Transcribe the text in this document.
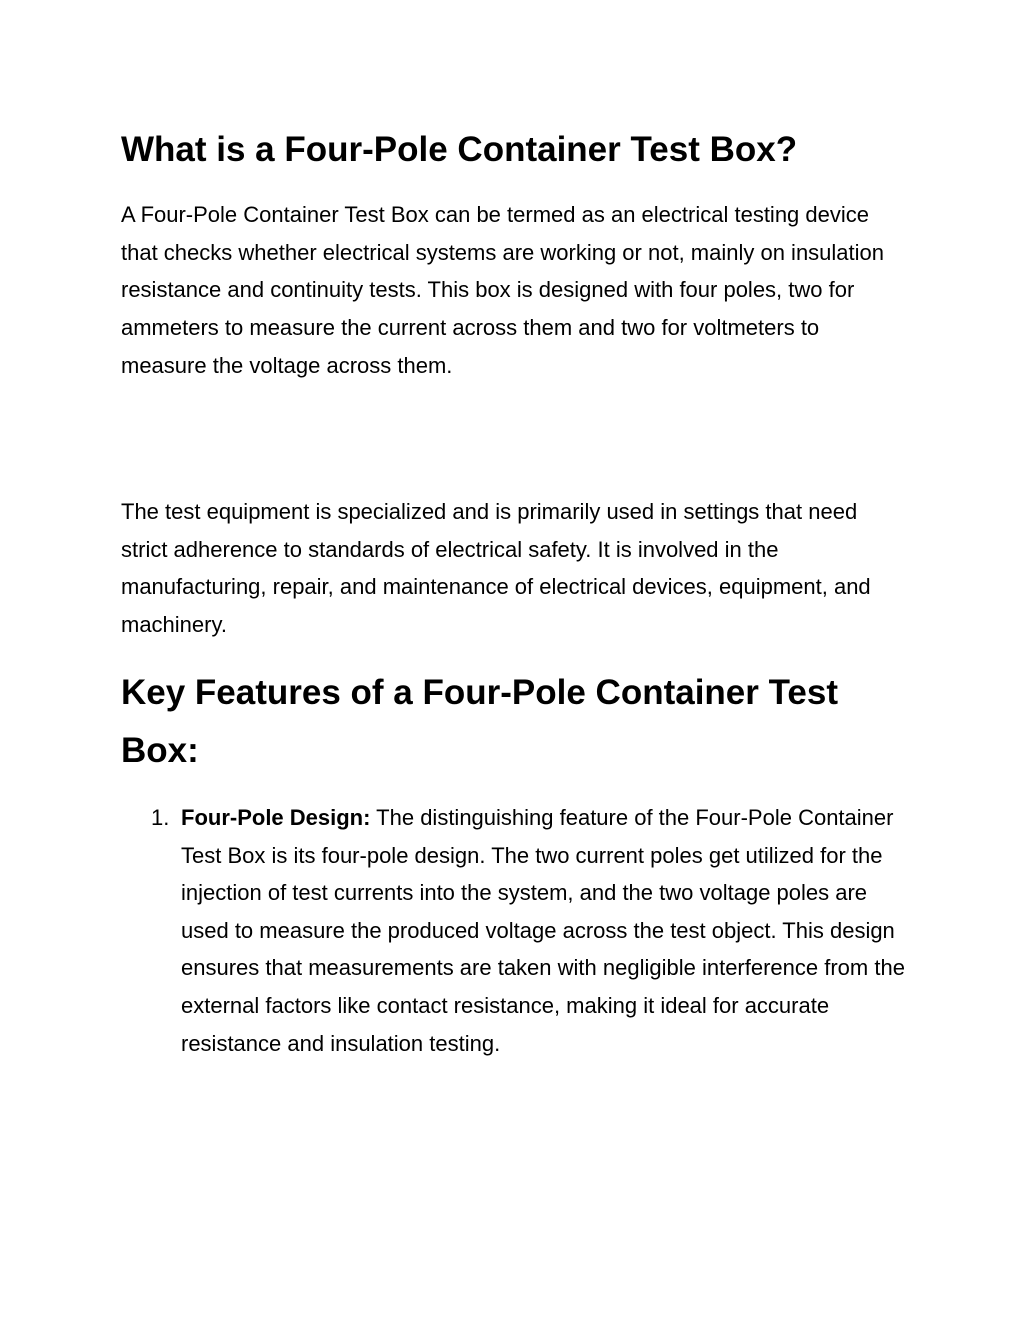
What is a Four-Pole Container Test Box?

A Four-Pole Container Test Box can be termed as an electrical testing device that checks whether electrical systems are working or not, mainly on insulation resistance and continuity tests. This box is designed with four poles, two for ammeters to measure the current across them and two for voltmeters to measure the voltage across them.

The test equipment is specialized and is primarily used in settings that need strict adherence to standards of electrical safety. It is involved in the manufacturing, repair, and maintenance of electrical devices, equipment, and machinery.

Key Features of a Four-Pole Container Test Box:
1. Four-Pole Design: The distinguishing feature of the Four-Pole Container Test Box is its four-pole design. The two current poles get utilized for the injection of test currents into the system, and the two voltage poles are used to measure the produced voltage across the test object. This design ensures that measurements are taken with negligible interference from the external factors like contact resistance, making it ideal for accurate resistance and insulation testing.
